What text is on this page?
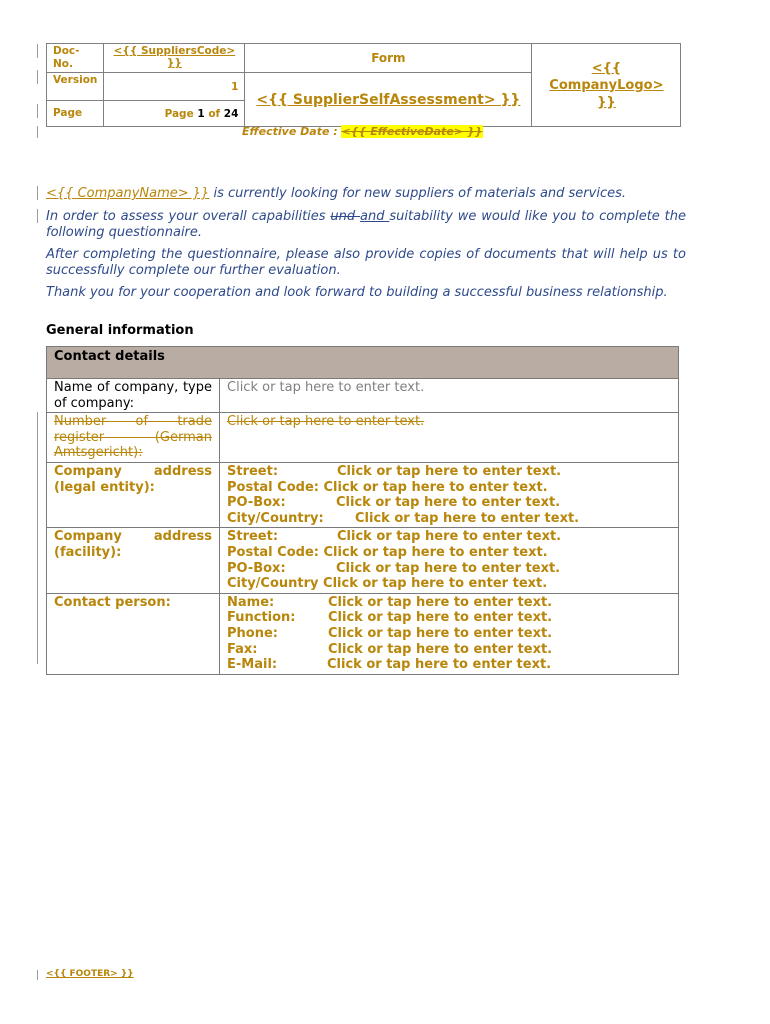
Doc-No.	<{{ SuppliersCode> }}	Form	<{{ CompanyLogo> }}
Version	1	<{{ SupplierSelfAssessment> }}	
Page	Page 1 of 24		
Effective Date : <{{ EffectiveDate> }}
<{{ CompanyName> }} is currently looking for new suppliers of materials and services.
In order to assess your overall capabilities und and suitability we would like you to complete the following questionnaire.
After completing the questionnaire, please also provide copies of documents that will help us to successfully complete our further evaluation.
Thank you for your cooperation and look forward to building a successful business relationship.
General information
Contact details	
Name of company, type of company:	Click or tap here to enter text.
Number of trade register (German Amtsgericht):	Click or tap here to enter text.
Company address (legal entity):	Street: Click or tap here to enter text.
Postal Code: Click or tap here to enter text.
PO-Box: Click or tap here to enter text.
City/Country: Click or tap here to enter text.

Company address (facility):	Street: Click or tap here to enter text.
Postal Code: Click or tap here to enter text.
PO-Box: Click or tap here to enter text.
City/Country Click or tap here to enter text.

Contact person:	Name: Click or tap here to enter text.
Function: Click or tap here to enter text.
Phone: Click or tap here to enter text.
Fax: Click or tap here to enter text.
E-Mail: Click or tap here to enter text.
<{{ FOOTER> }}
